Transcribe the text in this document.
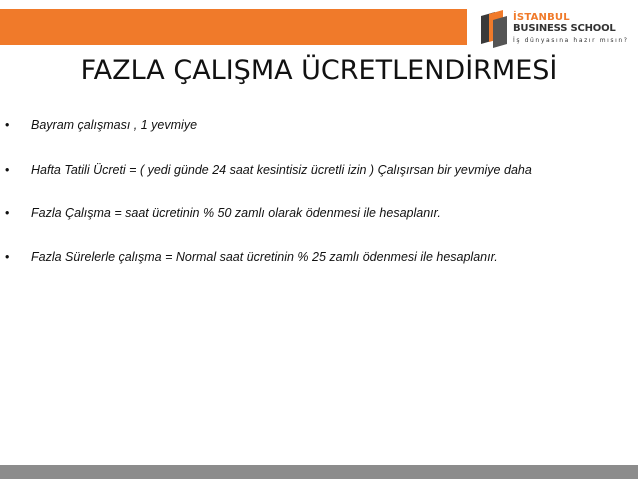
İSTANBUL
BUSINESS SCHOOL
İş dünyasına hazır mısın?
FAZLA ÇALIŞMA ÜCRETLENDİRMESİ
• Bayram çalışması , 1 yevmiye
• Hafta Tatili Ücreti = ( yedi günde 24 saat kesintisiz ücretli izin ) Çalışırsan bir yevmiye daha
• Fazla Çalışma = saat ücretinin % 50 zamlı olarak ödenmesi ile hesaplanır.
• Fazla Sürelerle çalışma = Normal saat ücretinin % 25 zamlı ödenmesi ile hesaplanır.
